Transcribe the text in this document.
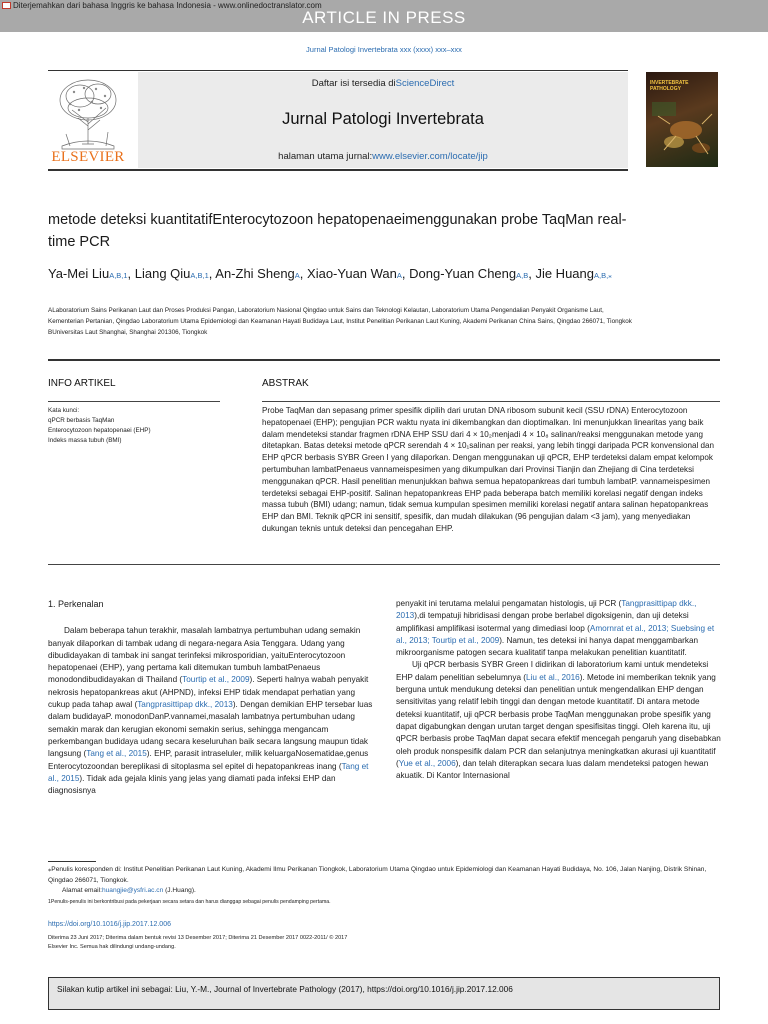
Diterjemahkan dari bahasa Inggris ke bahasa Indonesia - www.onlinedoctranslator.com
ARTICLE IN PRESS
Jurnal Patologi Invertebrata xxx (xxxx) xxx–xxx
Daftar isi tersedia diScienceDirect
Jurnal Patologi Invertebrata
halaman utama jurnal:www.elsevier.com/locate/jip
ELSEVIER
INVERTEBRATE PATHOLOGY
metode deteksi kuantitatifEnterocytozoon hepatopenaeimenggunakan probe TaqMan real-time PCR
Ya-Mei LiuA,B,1, Liang QiuA,B,1, An-Zhi ShengA, Xiao-Yuan WanA, Dong-Yuan ChengA,B, Jie HuangA,B,⁎
ALaboratorium Sains Perikanan Laut dan Proses Produksi Pangan, Laboratorium Nasional Qingdao untuk Sains dan Teknologi Kelautan, Laboratorium Utama Pengendalian Penyakit Organisme Laut, Kementerian Pertanian, Qingdao Laboratorium Utama Epidemiologi dan Keamanan Hayati Budidaya Laut, Institut Penelitian Perikanan Laut Kuning, Akademi Perikanan China Sains, Qingdao 266071, Tiongkok
BUniversitas Laut Shanghai, Shanghai 201306, Tiongkok
INFO ARTIKEL	ABSTRAK
Kata kunci:
qPCR berbasis TaqMan
Enterocytozoon hepatopenaei (EHP)
Indeks massa tubuh (BMI)
Probe TaqMan dan sepasang primer spesifik dipilih dari urutan DNA ribosom subunit kecil (SSU rDNA) Enterocytozoon hepatopenaei (EHP); pengujian PCR waktu nyata ini dikembangkan dan dioptimalkan. Ini menunjukkan linearitas yang baik dalam mendeteksi standar fragmen rDNA EHP SSU dari 4 × 10₂menjadi 4 × 10₈ salinan/reaksi menggunakan metode yang ditetapkan. Batas deteksi metode qPCR serendah 4 × 10₁salinan per reaksi, yang lebih tinggi daripada PCR konvensional dan EHP qPCR berbasis SYBR Green I yang dilaporkan. Dengan menggunakan uji qPCR, EHP terdeteksi dalam empat kelompok pertumbuhan lambatPenaeus vannameispesimen yang dikumpulkan dari Provinsi Tianjin dan Zhejiang di Cina terdeteksi menggunakan qPCR. Hasil penelitian menunjukkan bahwa semua hepatopankreas dari tumbuh lambatP. vannameispesimen terdeteksi sebagai EHP-positif. Salinan hepatopankreas EHP pada beberapa batch memiliki korelasi negatif dengan indeks massa tubuh (BMI) udang; namun, tidak semua kumpulan spesimen memiliki korelasi negatif antara salinan hepatopankreas EHP dan BMI. Teknik qPCR ini sensitif, spesifik, dan mudah dilakukan (96 pengujian dalam <3 jam), yang menyediakan dukungan teknis untuk deteksi dan pencegahan EHP.
1. Perkenalan
Dalam beberapa tahun terakhir, masalah lambatnya pertumbuhan udang semakin banyak dilaporkan di tambak udang di negara-negara Asia Tenggara. Udang yang dibudidayakan di tambak ini sangat terinfeksi mikrosporidian, yaituEnterocytozoon hepatopenaei (EHP), yang pertama kali ditemukan tumbuh lambatPenaeus monodondibudidayakan di Thailand (Tourtip et al., 2009). Seperti halnya wabah penyakit nekrosis hepatopankreas akut (AHPND), infeksi EHP tidak mendapat perhatian yang cukup pada tahap awal (Tangprasittipap dkk., 2013). Dengan demikian EHP tersebar luas dalam budidayaP. monodonDanP.vannamei,masalah lambatnya pertumbuhan udang semakin marak dan kerugian ekonomi semakin serius, sehingga mengancam perkembangan budidaya udang secara keseluruhan baik secara langsung maupun tidak langsung (Tang et al., 2015). EHP, parasit intraseluler, milik keluargaNosematidae,genus Enterocytozoondan bereplikasi di sitoplasma sel epitel di hepatopankreas inang (Tang et al., 2015). Tidak ada gejala klinis yang jelas yang diamati pada infeksi EHP dan diagnosisnya
penyakit ini terutama melalui pengamatan histologis, uji PCR (Tangprasittipap dkk., 2013),di tempatuji hibridisasi dengan probe berlabel digoksigenin, dan uji deteksi amplifikasi amplifikasi isotermal yang dimediasi loop (Amornrat et al., 2013; Suebsing et al., 2013; Tourtip et al., 2009). Namun, tes deteksi ini hanya dapat menggambarkan mikroorganisme patogen secara kualitatif tanpa melakukan penelitian kuantitatif.
Uji qPCR berbasis SYBR Green I didirikan di laboratorium kami untuk mendeteksi EHP dalam penelitian sebelumnya (Liu et al., 2016). Metode ini memberikan teknik yang berguna untuk mendukung deteksi dan penelitian untuk mengendalikan EHP dengan sensitivitas yang relatif lebih tinggi dan dengan metode kuantitatif. Di antara metode deteksi kuantitatif, uji qPCR berbasis probe TaqMan menggunakan probe spesifik yang dapat digabungkan dengan urutan target dengan spesifisitas tinggi. Oleh karena itu, uji qPCR berbasis probe TaqMan dapat secara efektif mencegah pengaruh yang disebabkan oleh produk nonspesifik dalam PCR dan selanjutnya meningkatkan akurasi uji kuantitatif (Yue et al., 2006), dan telah diterapkan secara luas dalam mendeteksi patogen hewan akuatik. Di Kantor Internasional
⁎Penulis koresponden di: Institut Penelitian Perikanan Laut Kuning, Akademi Ilmu Perikanan Tiongkok, Laboratorium Utama Qingdao untuk Epidemiologi dan Keamanan Hayati Budidaya, No. 106, Jalan Nanjing, Distrik Shinan, Qingdao 266071, Tiongkok.
Alamat email:huangjie@ysfri.ac.cn (J.Huang).
1Penulis-penulis ini berkontribusi pada pekerjaan secara setara dan harus dianggap sebagai penulis pendamping pertama.
https://doi.org/10.1016/j.jip.2017.12.006
Diterima 23 Juni 2017; Diterima dalam bentuk revisi 13 Desember 2017; Diterima 21 Desember 2017 0022-2011/ © 2017
Elsevier Inc. Semua hak dilindungi undang-undang.
Silakan kutip artikel ini sebagai: Liu, Y.-M., Journal of Invertebrate Pathology (2017), https://doi.org/10.1016/j.jip.2017.12.006
